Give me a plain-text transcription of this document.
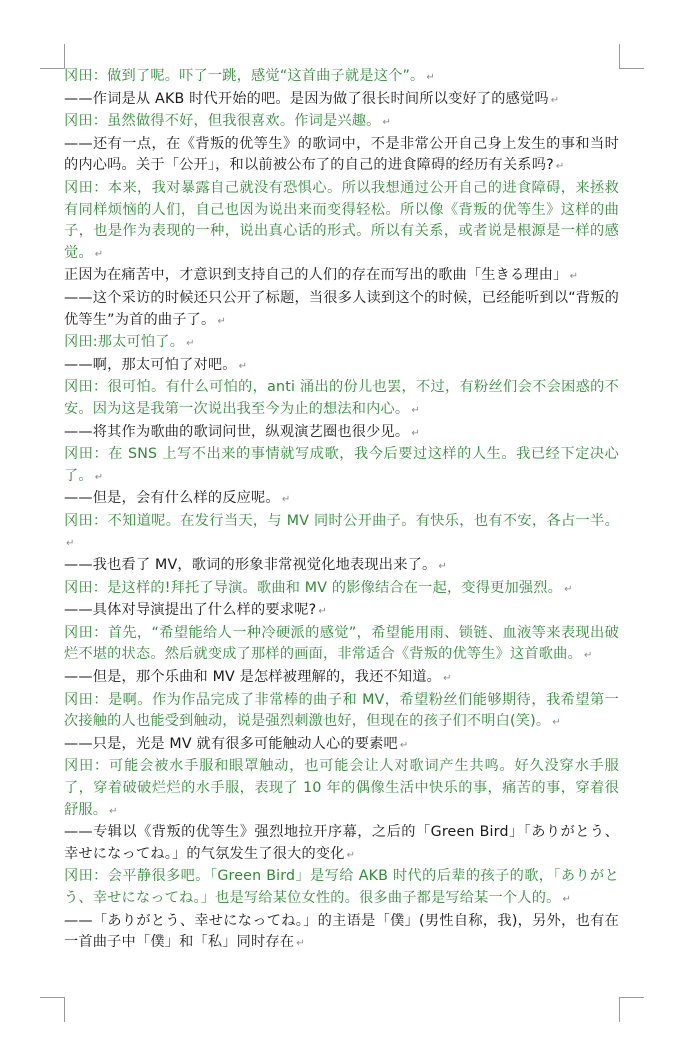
冈田：做到了呢。吓了一跳，感觉“这首曲子就是这个”。 ↵

——作词是从 AKB 时代开始的吧。是因为做了很长时间所以变好了的感觉吗 ↵

冈田：虽然做得不好，但我很喜欢。作词是兴趣。 ↵

——还有一点，在《背叛的优等生》的歌词中，不是非常公开自己身上发生的事和当时的内心吗。关于「公开」，和以前被公布了的自己的进食障碍的经历有关系吗? ↵

冈田：本来，我对暴露自己就没有恐惧心。所以我想通过公开自己的进食障碍，来拯救有同样烦恼的人们，自己也因为说出来而变得轻松。所以像《背叛的优等生》这样的曲子，也是作为表现的一种，说出真心话的形式。所以有关系，或者说是根源是一样的感觉。 ↵

正因为在痛苦中，才意识到支持自己的人们的存在而写出的歌曲「生きる理由」 ↵

——这个采访的时候还只公开了标题，当很多人读到这个的时候，已经能听到以“背叛的优等生”为首的曲子了。 ↵

冈田:那太可怕了。 ↵

——啊，那太可怕了对吧。 ↵

冈田：很可怕。有什么可怕的，anti 涌出的份儿也罢，不过，有粉丝们会不会困惑的不安。因为这是我第一次说出我至今为止的想法和内心。 ↵

——将其作为歌曲的歌词问世，纵观演艺圈也很少见。 ↵

冈田：在 SNS 上写不出来的事情就写成歌，我今后要过这样的人生。我已经下定决心了。 ↵

——但是，会有什么样的反应呢。 ↵

冈田：不知道呢。在发行当天，与 MV 同时公开曲子。有快乐，也有不安，各占一半。↵

——我也看了 MV，歌词的形象非常视觉化地表现出来了。 ↵

冈田：是这样的!拜托了导演。歌曲和 MV 的影像结合在一起，变得更加强烈。 ↵

——具体对导演提出了什么样的要求呢? ↵

冈田：首先，“希望能给人一种冷硬派的感觉”，希望能用雨、锁链、血液等来表现出破烂不堪的状态。然后就变成了那样的画面，非常适合《背叛的优等生》这首歌曲。 ↵

——但是，那个乐曲和 MV 是怎样被理解的，我还不知道。 ↵

冈田：是啊。作为作品完成了非常棒的曲子和 MV，希望粉丝们能够期待，我希望第一次接触的人也能受到触动，说是强烈刺激也好，但现在的孩子们不明白(笑)。 ↵

——只是，光是 MV 就有很多可能触动人心的要素吧 ↵

冈田：可能会被水手服和眼罩触动，也可能会让人对歌词产生共鸣。好久没穿水手服了，穿着破破烂烂的水手服，表现了 10 年的偶像生活中快乐的事，痛苦的事，穿着很舒服。 ↵

——专辑以《背叛的优等生》强烈地拉开序幕，之后的「Green Bird」「ありがとう、幸せになってね。」的气氛发生了很大的变化 ↵

冈田：会平静很多吧。「Green Bird」是写给 AKB 时代的后辈的孩子的歌，「ありがとう、幸せになってね。」也是写给某位女性的。很多曲子都是写给某一个人的。 ↵

——「ありがとう、幸せになってね。」的主语是「僕」(男性自称，我)，另外，也有在一首曲子中「僕」和「私」同时存在 ↵
